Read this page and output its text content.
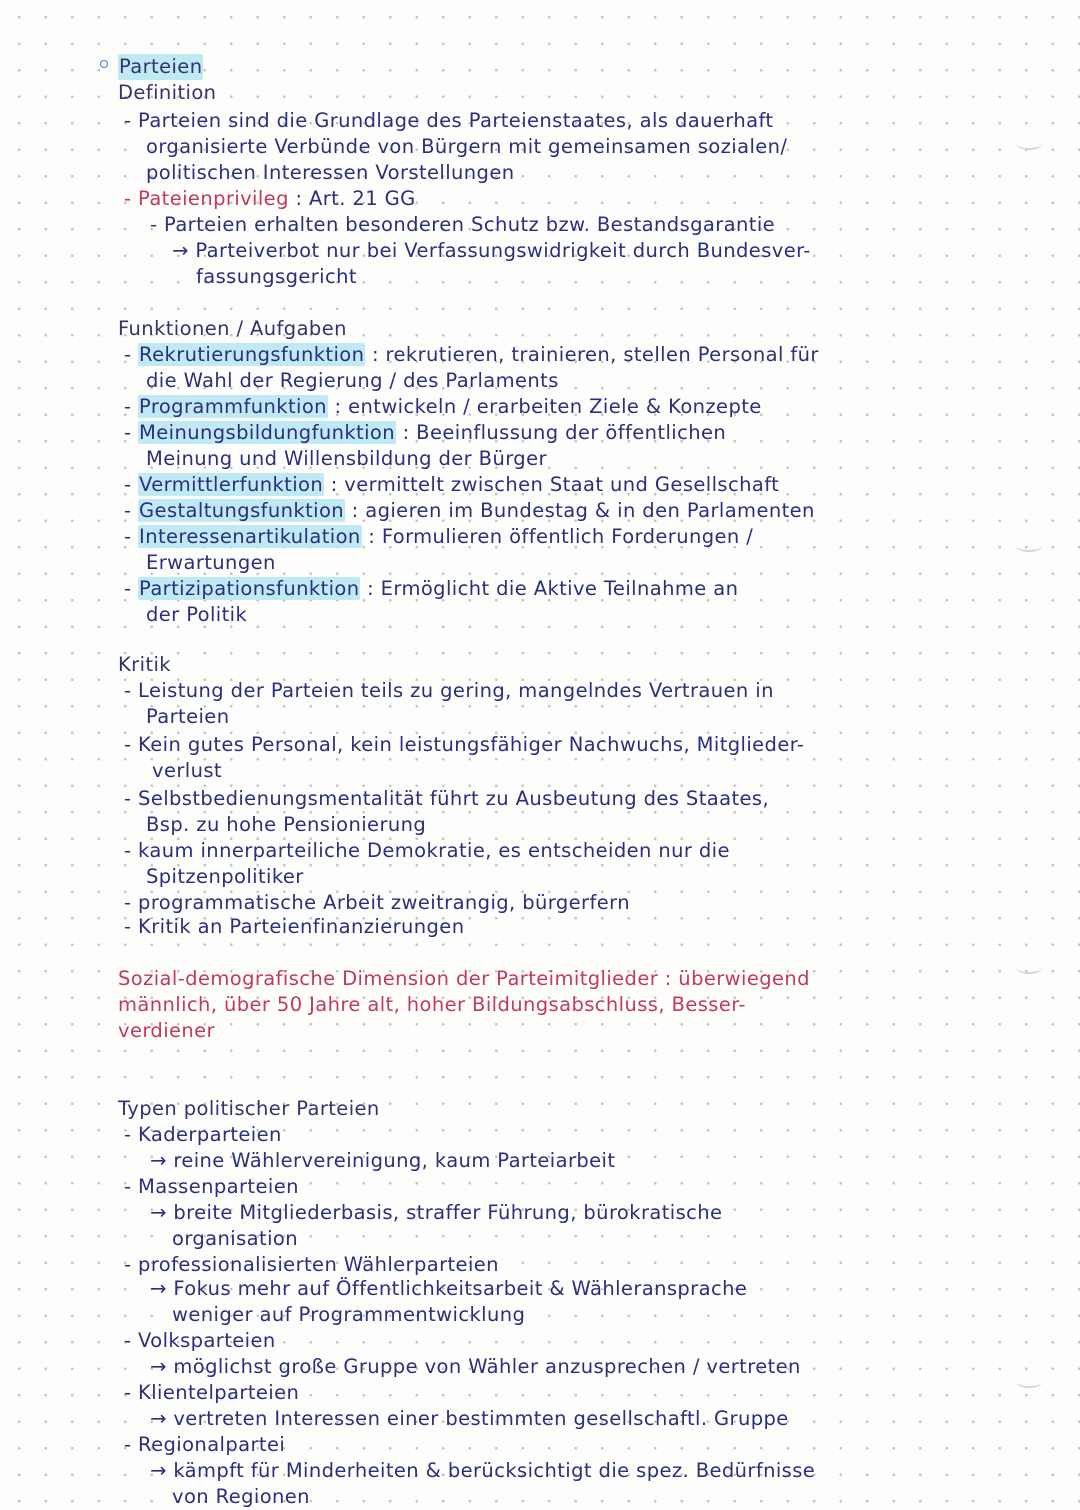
Parteien
Definition
- Parteien sind die Grundlage des Parteienstaates, als dauerhaft
organisierte Verbünde von Bürgern mit gemeinsamen sozialen/
politischen Interessen Vorstellungen
- Pateienprivileg : Art. 21 GG
- Parteien erhalten besonderen Schutz bzw. Bestandsgarantie
→ Parteiverbot nur bei Verfassungswidrigkeit durch Bundesver-
fassungsgericht
Funktionen / Aufgaben
- Rekrutierungsfunktion : rekrutieren, trainieren, stellen Personal für
die Wahl der Regierung / des Parlaments
- Programmfunktion : entwickeln / erarbeiten Ziele & Konzepte
- Meinungsbildungfunktion : Beeinflussung der öffentlichen
Meinung und Willensbildung der Bürger
- Vermittlerfunktion : vermittelt zwischen Staat und Gesellschaft
- Gestaltungsfunktion : agieren im Bundestag & in den Parlamenten
- Interessenartikulation : Formulieren öffentlich Forderungen /
Erwartungen
- Partizipationsfunktion : Ermöglicht die Aktive Teilnahme an
der Politik
Kritik
- Leistung der Parteien teils zu gering, mangelndes Vertrauen in
Parteien
- Kein gutes Personal, kein leistungsfähiger Nachwuchs, Mitglieder-
verlust
- Selbstbedienungsmentalität führt zu Ausbeutung des Staates,
Bsp. zu hohe Pensionierung
- kaum innerparteiliche Demokratie, es entscheiden nur die
Spitzenpolitiker
- programmatische Arbeit zweitrangig, bürgerfern
- Kritik an Parteienfinanzierungen
Sozial-demografische Dimension der Parteimitglieder : überwiegend
männlich, über 50 Jahre alt, hoher Bildungsabschluss, Besser-
verdiener
Typen politischer Parteien
- Kaderparteien
→ reine Wählervereinigung, kaum Parteiarbeit
- Massenparteien
→ breite Mitgliederbasis, straffer Führung, bürokratische
organisation
- professionalisierten Wählerparteien
→ Fokus mehr auf Öffentlichkeitsarbeit & Wähleransprache
weniger auf Programmentwicklung
- Volksparteien
→ möglichst große Gruppe von Wähler anzusprechen / vertreten
- Klientelparteien
→ vertreten Interessen einer bestimmten gesellschaftl. Gruppe
- Regionalpartei
→ kämpft für Minderheiten & berücksichtigt die spez. Bedürfnisse
von Regionen
